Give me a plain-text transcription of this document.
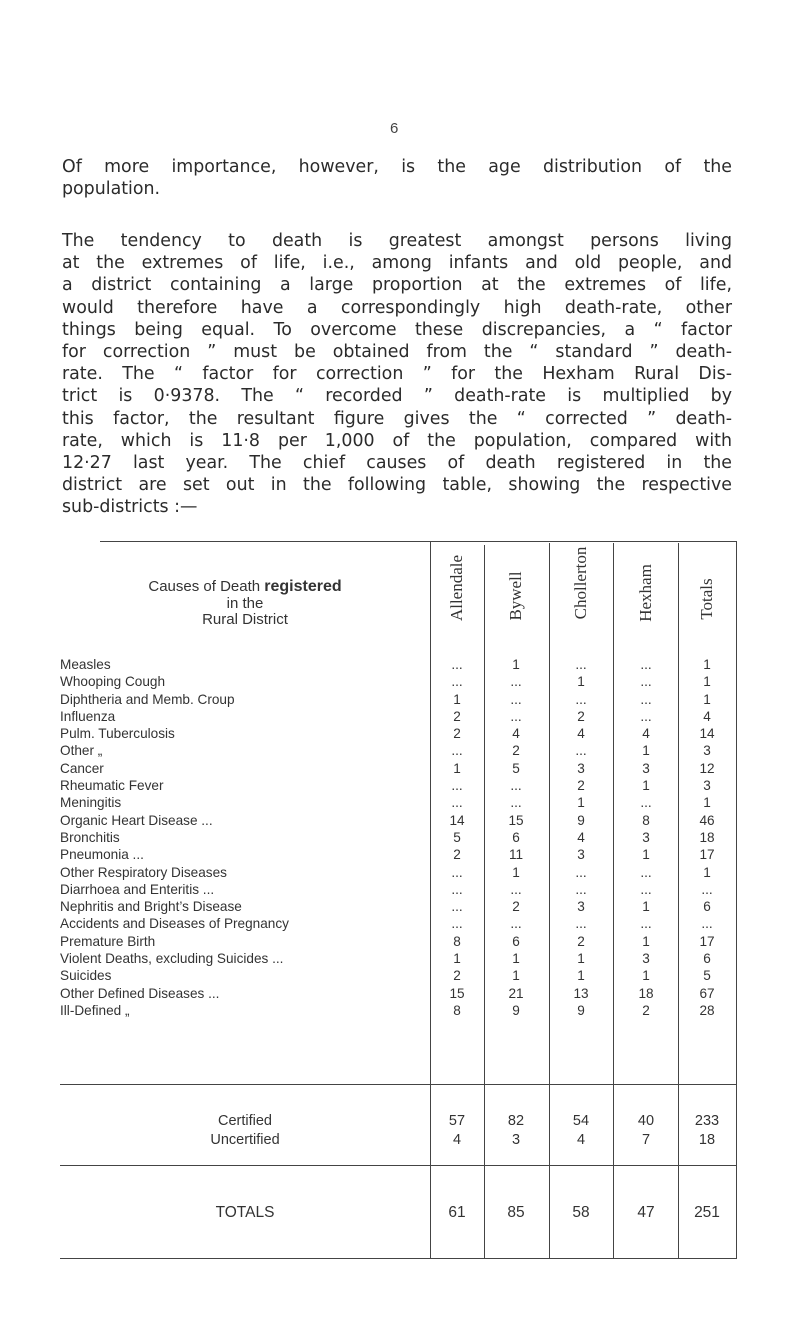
6
Of more importance, however, is the age distribution of the
population.
The tendency to death is greatest amongst persons living
at the extremes of life, i.e., among infants and old people, and
a district containing a large proportion at the extremes of life,
would therefore have a correspondingly high death-rate, other
things being equal. To overcome these discrepancies, a “ factor
for correction ” must be obtained from the “ standard ” death-
rate. The “ factor for correction ” for the Hexham Rural Dis-
trict is 0·9378. The “ recorded ” death-rate is multiplied by
this factor, the resultant figure gives the “ corrected ” death-
rate, which is 11·8 per 1,000 of the population, compared with
12·27 last year. The chief causes of death registered in the
district are set out in the following table, showing the respective
sub-districts :—
Causes of Death registered
in the
Rural District	Allendale Bywell	Chollerton	Hexham Totals
Measles	...	1	...	...	1
Whooping Cough	...	...	1	...	1
Diphtheria and Memb. Croup	1	...	...	...	1
Influenza	2	...	2	...	4
Pulm. Tuberculosis	2	4	4	4	14
Other „	...	2	...	1	3
Cancer	1	5	3	3	12
Rheumatic Fever	...	...	2	1	3
Meningitis	...	...	1	...	1
Organic Heart Disease ...	14	15	9	8	46
Bronchitis	5	6	4	3	18
Pneumonia ...	2	11	3	1	17
Other Respiratory Diseases	...	1	...	...	1
Diarrhoea and Enteritis ...	...	...	...	...	...
Nephritis and Bright’s Disease	...	2	3	1	6
Accidents and Diseases of Pregnancy	...	...	...	...	...
Premature Birth	8	6	2	1	17
Violent Deaths, excluding Suicides ...	1	1	1	3	6
Suicides	2	1	1	1	5
Other Defined Diseases ...	15	21	13	18	67
Ill-Defined „	8	9	9	2	28
Certified	57	82	54	40	233
Uncertified	4	3	4	7	18
TOTALS	61	85	58	47	251
